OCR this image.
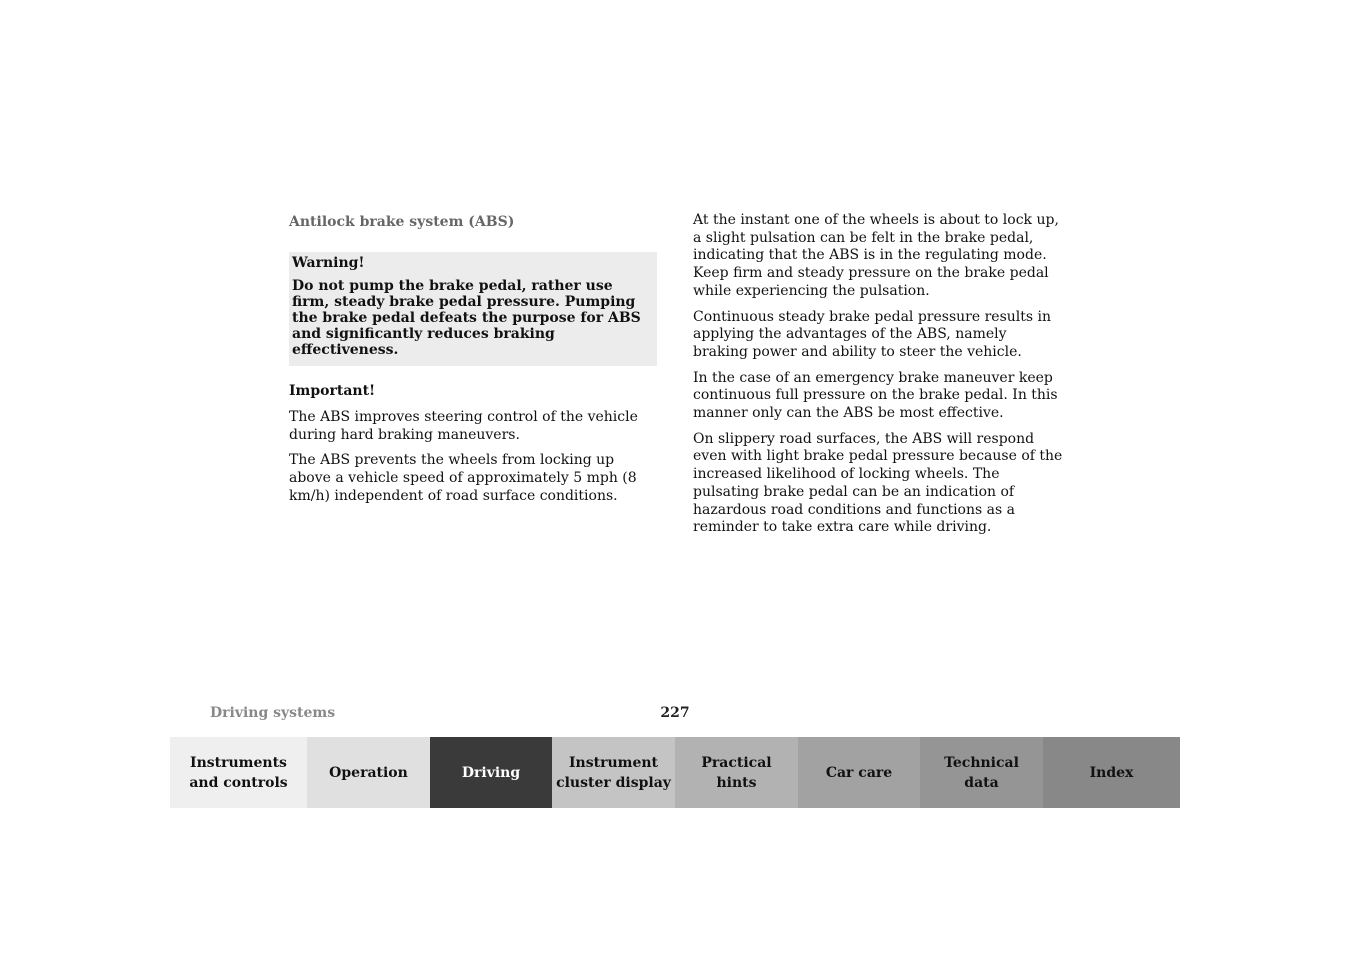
Antilock brake system (ABS)

Warning!

Do not pump the brake pedal, rather use firm, steady brake pedal pressure. Pumping the brake pedal defeats the purpose for ABS and significantly reduces braking effectiveness.

Important!

The ABS improves steering control of the vehicle during hard braking maneuvers.

The ABS prevents the wheels from locking up above a vehicle speed of approximately 5 mph (8 km/h) independent of road surface conditions.

At the instant one of the wheels is about to lock up, a slight pulsation can be felt in the brake pedal, indicating that the ABS is in the regulating mode. Keep firm and steady pressure on the brake pedal while experiencing the pulsation.

Continuous steady brake pedal pressure results in applying the advantages of the ABS, namely braking power and ability to steer the vehicle.

In the case of an emergency brake maneuver keep continuous full pressure on the brake pedal. In this manner only can the ABS be most effective.

On slippery road surfaces, the ABS will respond even with light brake pedal pressure because of the increased likelihood of locking wheels. The pulsating brake pedal can be an indication of hazardous road conditions and functions as a reminder to take extra care while driving.

Driving systems	227
Instruments
and controls
Operation	Driving
Instrument
cluster display
Practical hints
Car care
Technical
data
Index
